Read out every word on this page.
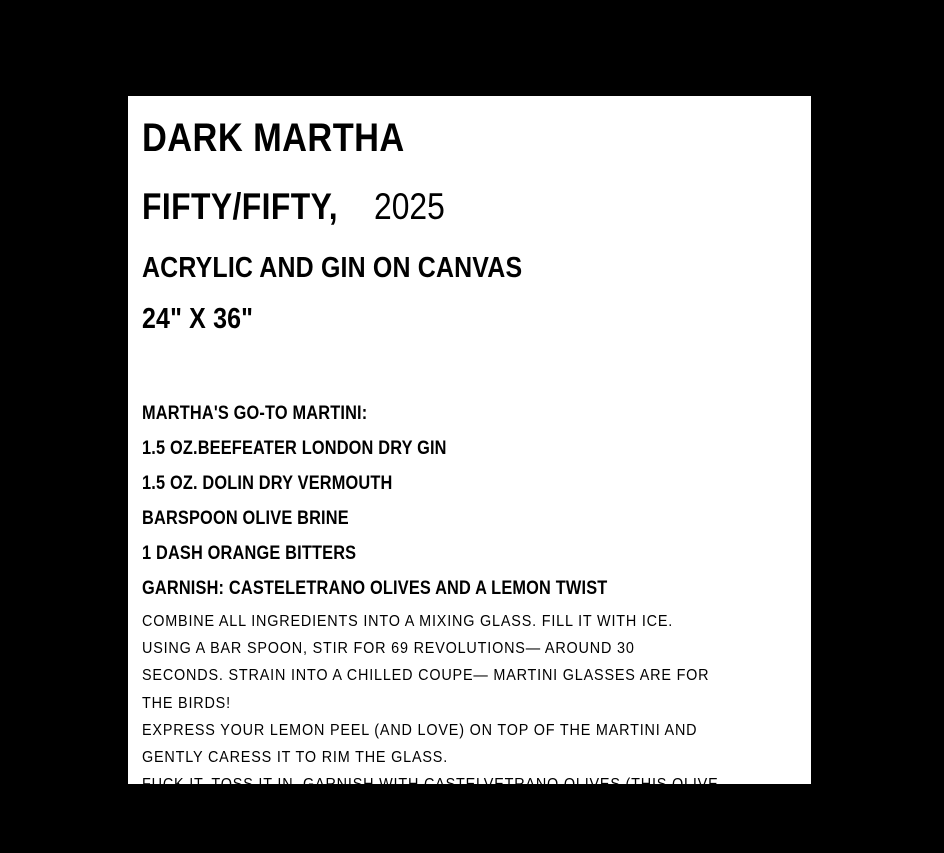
DARK MARTHA
FIFTY/FIFTY, 2025
ACRYLIC AND GIN ON CANVAS
24" X 36"
MARTHA'S GO-TO MARTINI:
1.5 OZ.BEEFEATER LONDON DRY GIN
1.5 OZ. DOLIN DRY VERMOUTH
BARSPOON OLIVE BRINE
1 DASH ORANGE BITTERS
GARNISH: CASTELETRANO OLIVES AND A LEMON TWIST

COMBINE ALL INGREDIENTS INTO A MIXING GLASS. FILL IT WITH ICE. USING A BAR SPOON, STIR FOR 69 REVOLUTIONS— AROUND 30 SECONDS. STRAIN INTO A CHILLED COUPE— MARTINI GLASSES ARE FOR THE BIRDS!

EXPRESS YOUR LEMON PEEL (AND LOVE) ON TOP OF THE MARTINI AND GENTLY CARESS IT TO RIM THE GLASS.

FUCK IT, TOSS IT IN. GARNISH WITH CASTELVETRANO OLIVES (THIS OLIVE CHOICE IS CRUCIAL).

TAKE YOUR CLOTHES OFF AND ENJOY!
